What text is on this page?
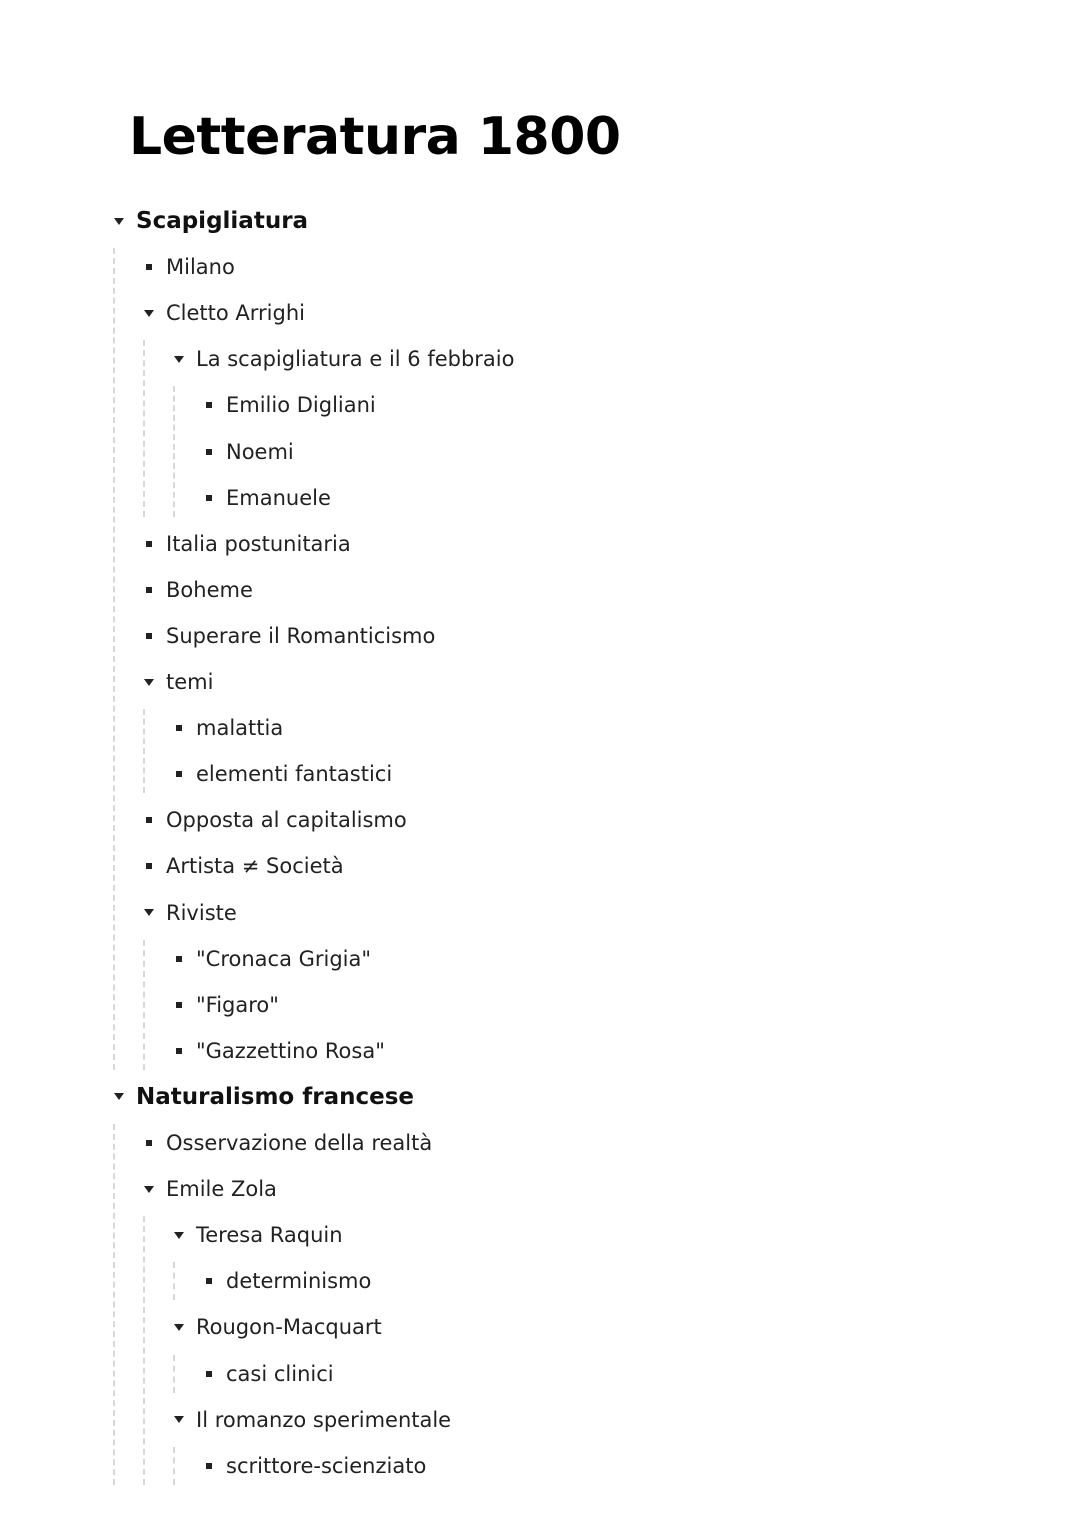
Letteratura 1800
Scapigliatura
Milano
Cletto Arrighi
La scapigliatura e il 6 febbraio
Emilio Digliani
Noemi
Emanuele
Italia postunitaria
Boheme
Superare il Romanticismo
temi
malattia
elementi fantastici
Opposta al capitalismo
Artista ≠ Società
Riviste
"Cronaca Grigia"
"Figaro"
"Gazzettino Rosa"
Naturalismo francese
Osservazione della realtà
Emile Zola
Teresa Raquin
determinismo
Rougon-Macquart
casi clinici
Il romanzo sperimentale
scrittore-scienziato
